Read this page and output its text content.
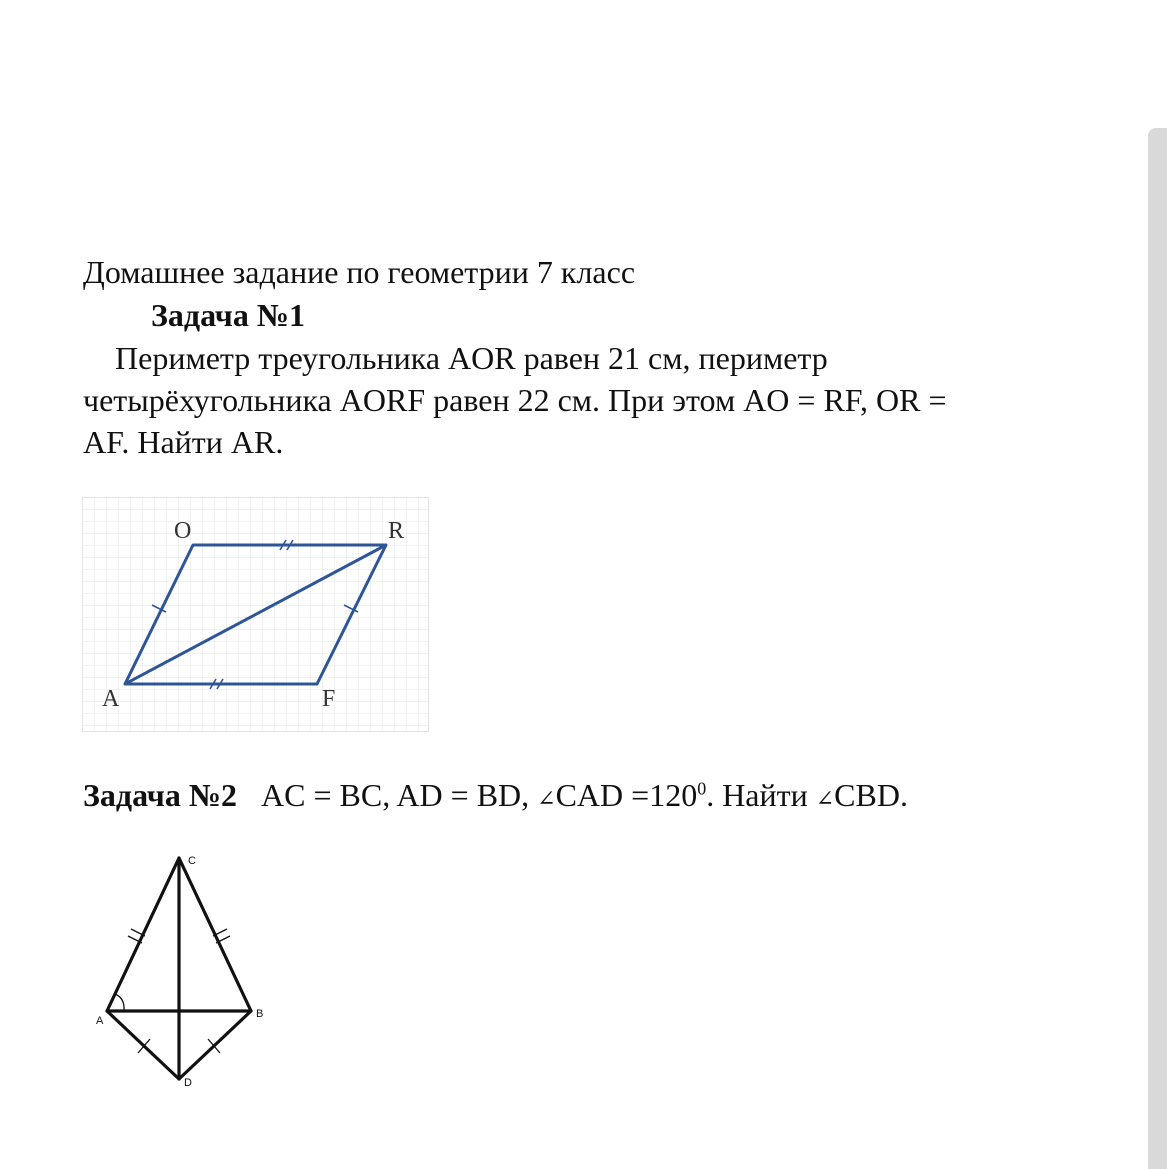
Домашнее задание по геометрии 7 класс
Задача №1

Периметр треугольника AOR равен 21 см, периметр

четырёхугольника AORF равен 22 см. При этом AO = RF, OR =

AF. Найти AR.

O	R
A	F
Задача №2 AC = BC, AD = BD, ∠CAD $=120^0$. Найти ∠CBD.
C
A
B
D
